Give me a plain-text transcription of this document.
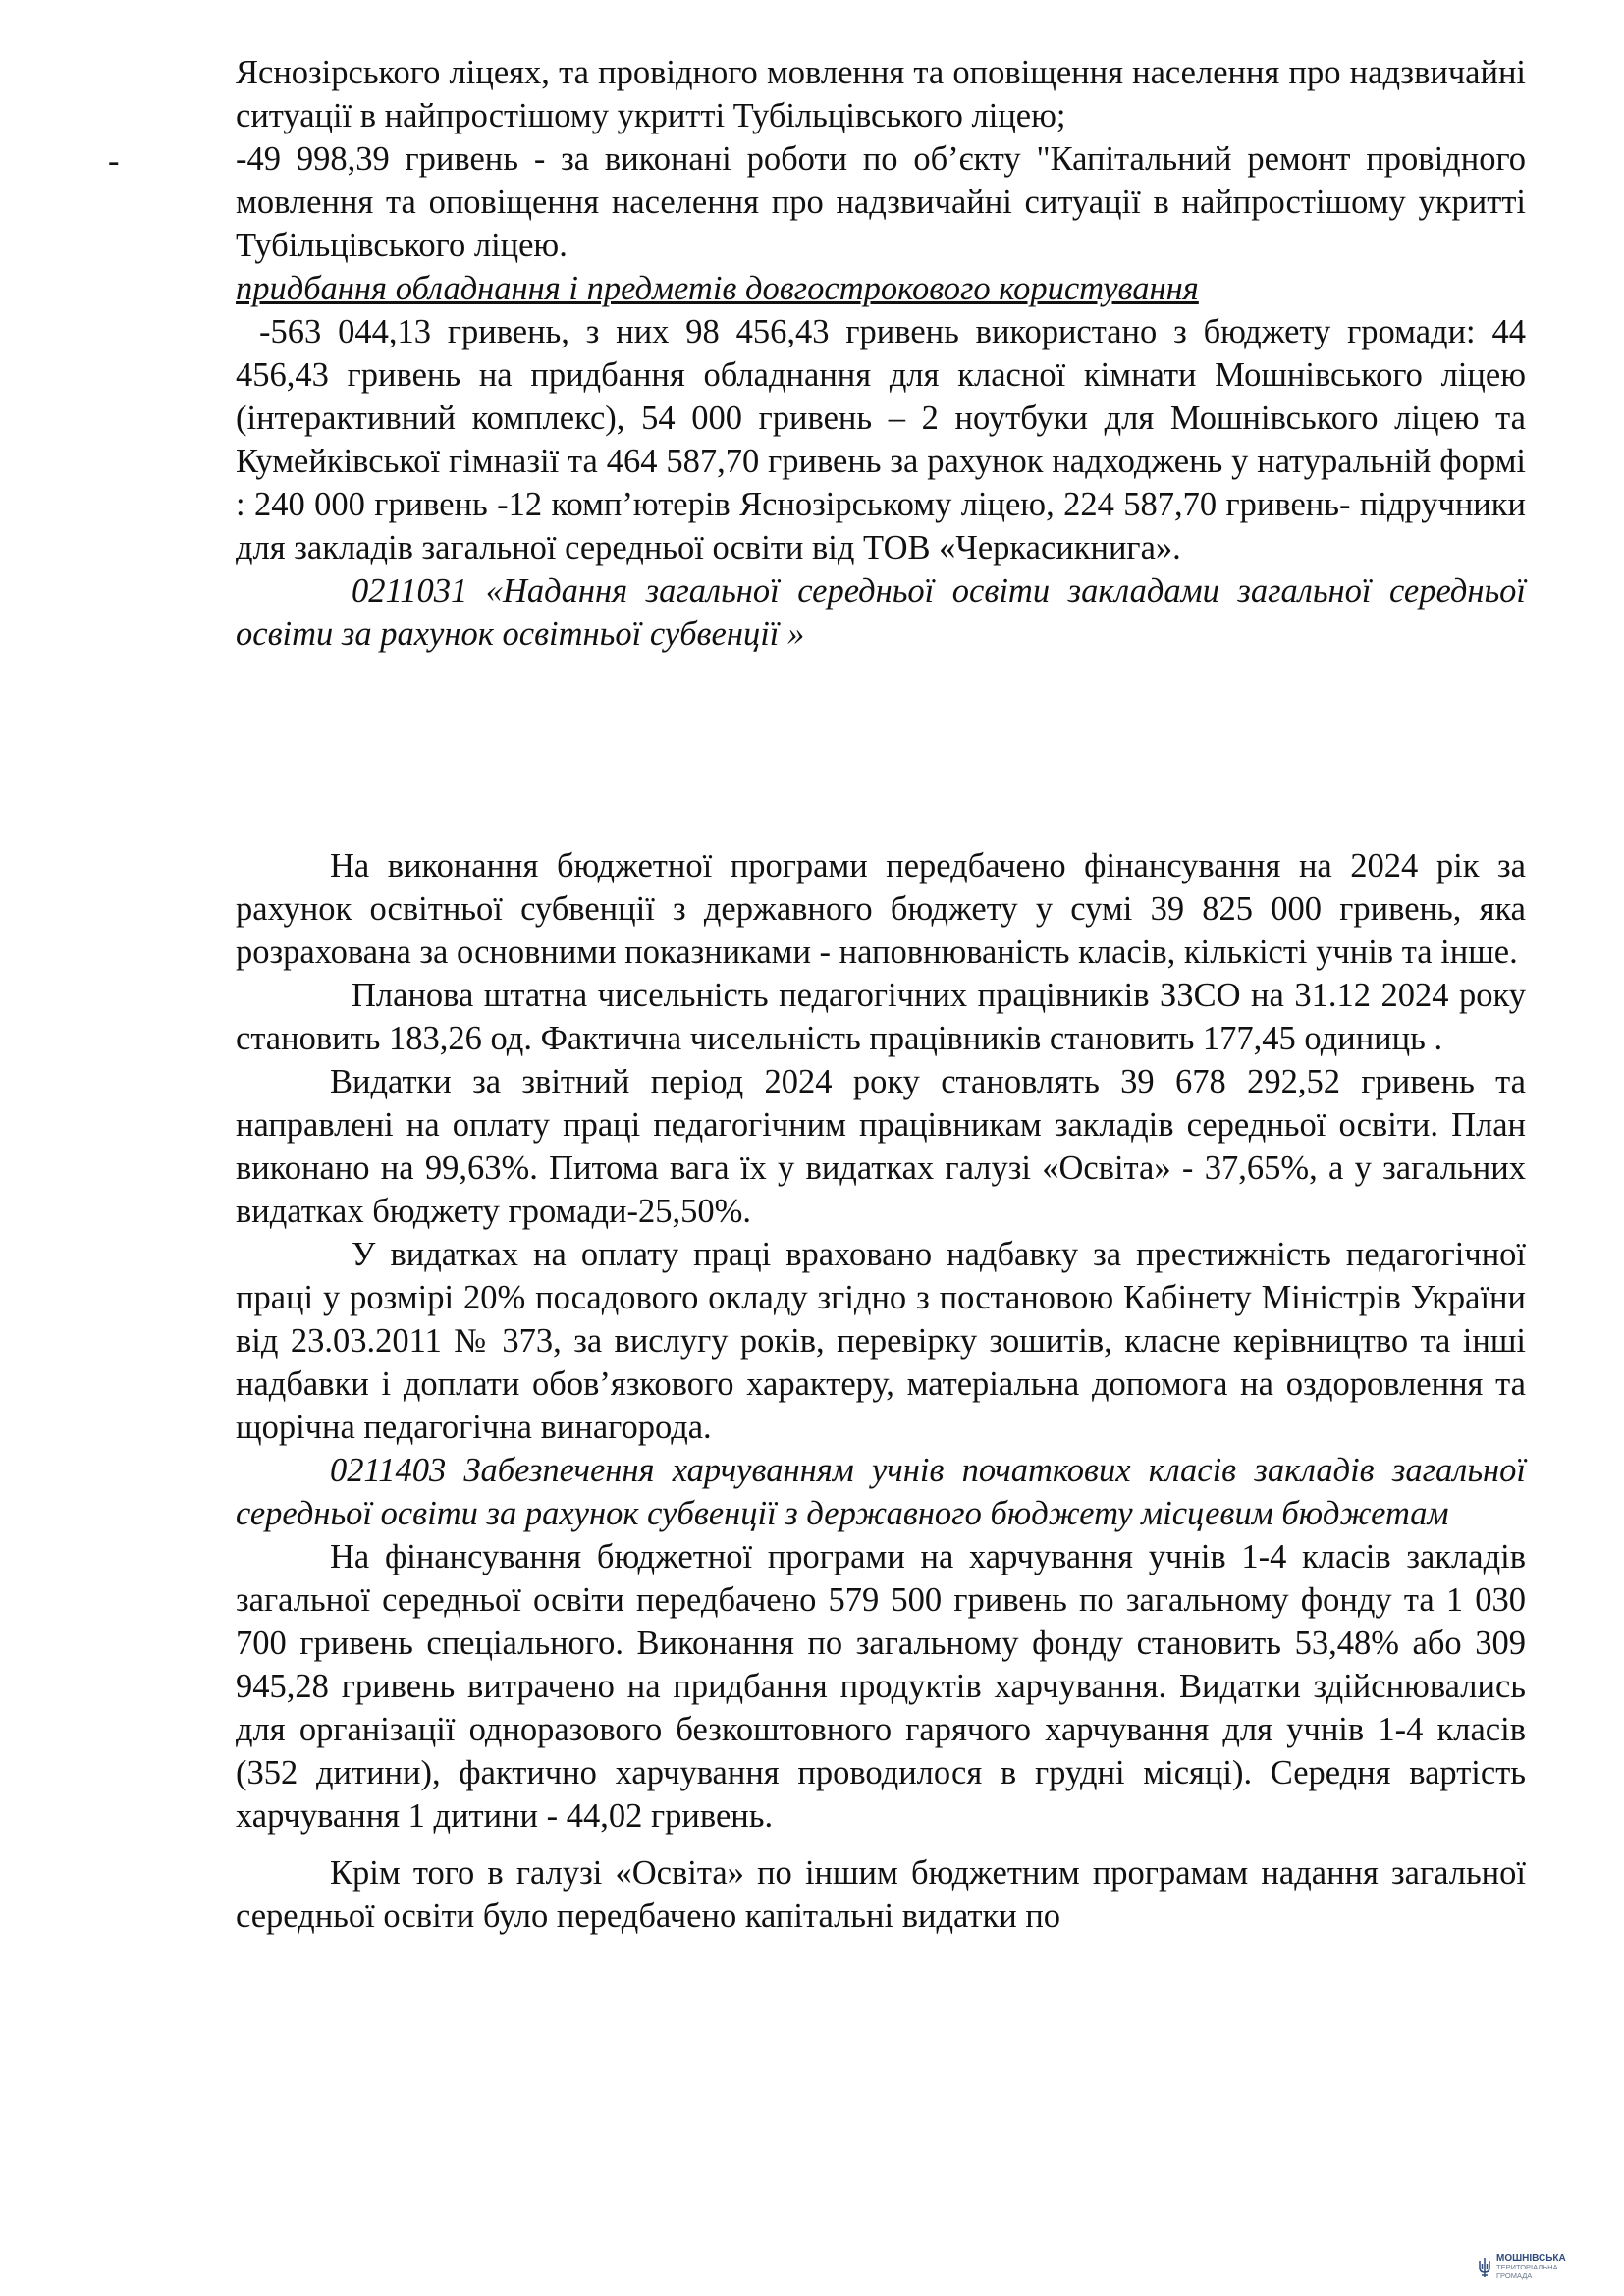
-

Яснозірського ліцеях, та провідного мовлення та оповіщення населення про надзвичайні ситуації в найпростішому укритті Тубільцівського ліцею;

-49 998,39 гривень - за виконані роботи по об’єкту "Капітальний ремонт провідного мовлення та оповіщення населення про надзвичайні ситуації в найпростішому укритті Тубільцівського ліцею.

придбання обладнання і предметів довгострокового користування

-563 044,13 гривень, з них 98 456,43 гривень використано з бюджету громади: 44 456,43 гривень на придбання обладнання для класної кімнати Мошнівського ліцею (інтерактивний комплекс), 54 000 гривень – 2 ноутбуки для Мошнівського ліцею та Кумейківської гімназії та 464 587,70 гривень за рахунок надходжень у натуральній формі : 240 000 гривень -12 комп’ютерів Яснозірському ліцею, 224 587,70 гривень- підручники для закладів загальної середньої освіти від ТОВ «Черкасикнига».

0211031 «Надання загальної середньої освіти закладами загальної середньої освіти за рахунок освітньої субвенції »

На виконання бюджетної програми передбачено фінансування на 2024 рік за рахунок освітньої субвенції з державного бюджету у сумі 39 825 000 гривень, яка розрахована за основними показниками - наповнюваність класів, кількісті учнів та інше.

Планова штатна чисельність педагогічних працівників ЗЗСО на 31.12 2024 року становить 183,26 од. Фактична чисельність працівників становить 177,45 одиниць .

Видатки за звітний період 2024 року становлять 39 678 292,52 гривень та направлені на оплату праці педагогічним працівникам закладів середньої освіти. План виконано на 99,63%. Питома вага їх у видатках галузі «Освіта» - 37,65%, а у загальних видатках бюджету громади-25,50%.

У видатках на оплату праці враховано надбавку за престижність педагогічної праці у розмірі 20% посадового окладу згідно з постановою Кабінету Міністрів України від 23.03.2011 № 373, за вислугу років, перевірку зошитів, класне керівництво та інші надбавки і доплати обов’язкового характеру, матеріальна допомога на оздоровлення та щорічна педагогічна винагорода.

0211403 Забезпечення харчуванням учнів початкових класів закладів загальної середньої освіти за рахунок субвенції з державного бюджету місцевим бюджетам

На фінансування бюджетної програми на харчування учнів 1-4 класів закладів загальної середньої освіти передбачено 579 500 гривень по загальному фонду та 1 030 700 гривень спеціального. Виконання по загальному фонду становить 53,48% або 309 945,28 гривень витрачено на придбання продуктів харчування. Видатки здійснювались для організації одноразового безкоштовного гарячого харчування для учнів 1-4 класів (352 дитини), фактично харчування проводилося в грудні місяці). Середня вартість харчування 1 дитини - 44,02 гривень.

Крім того в галузі «Освіта» по іншим бюджетним програмам надання загальної середньої освіти було передбачено капітальні видатки по

МОШНІВСЬКА
ТЕРИТОРІАЛЬНА
ГРОМАДА
